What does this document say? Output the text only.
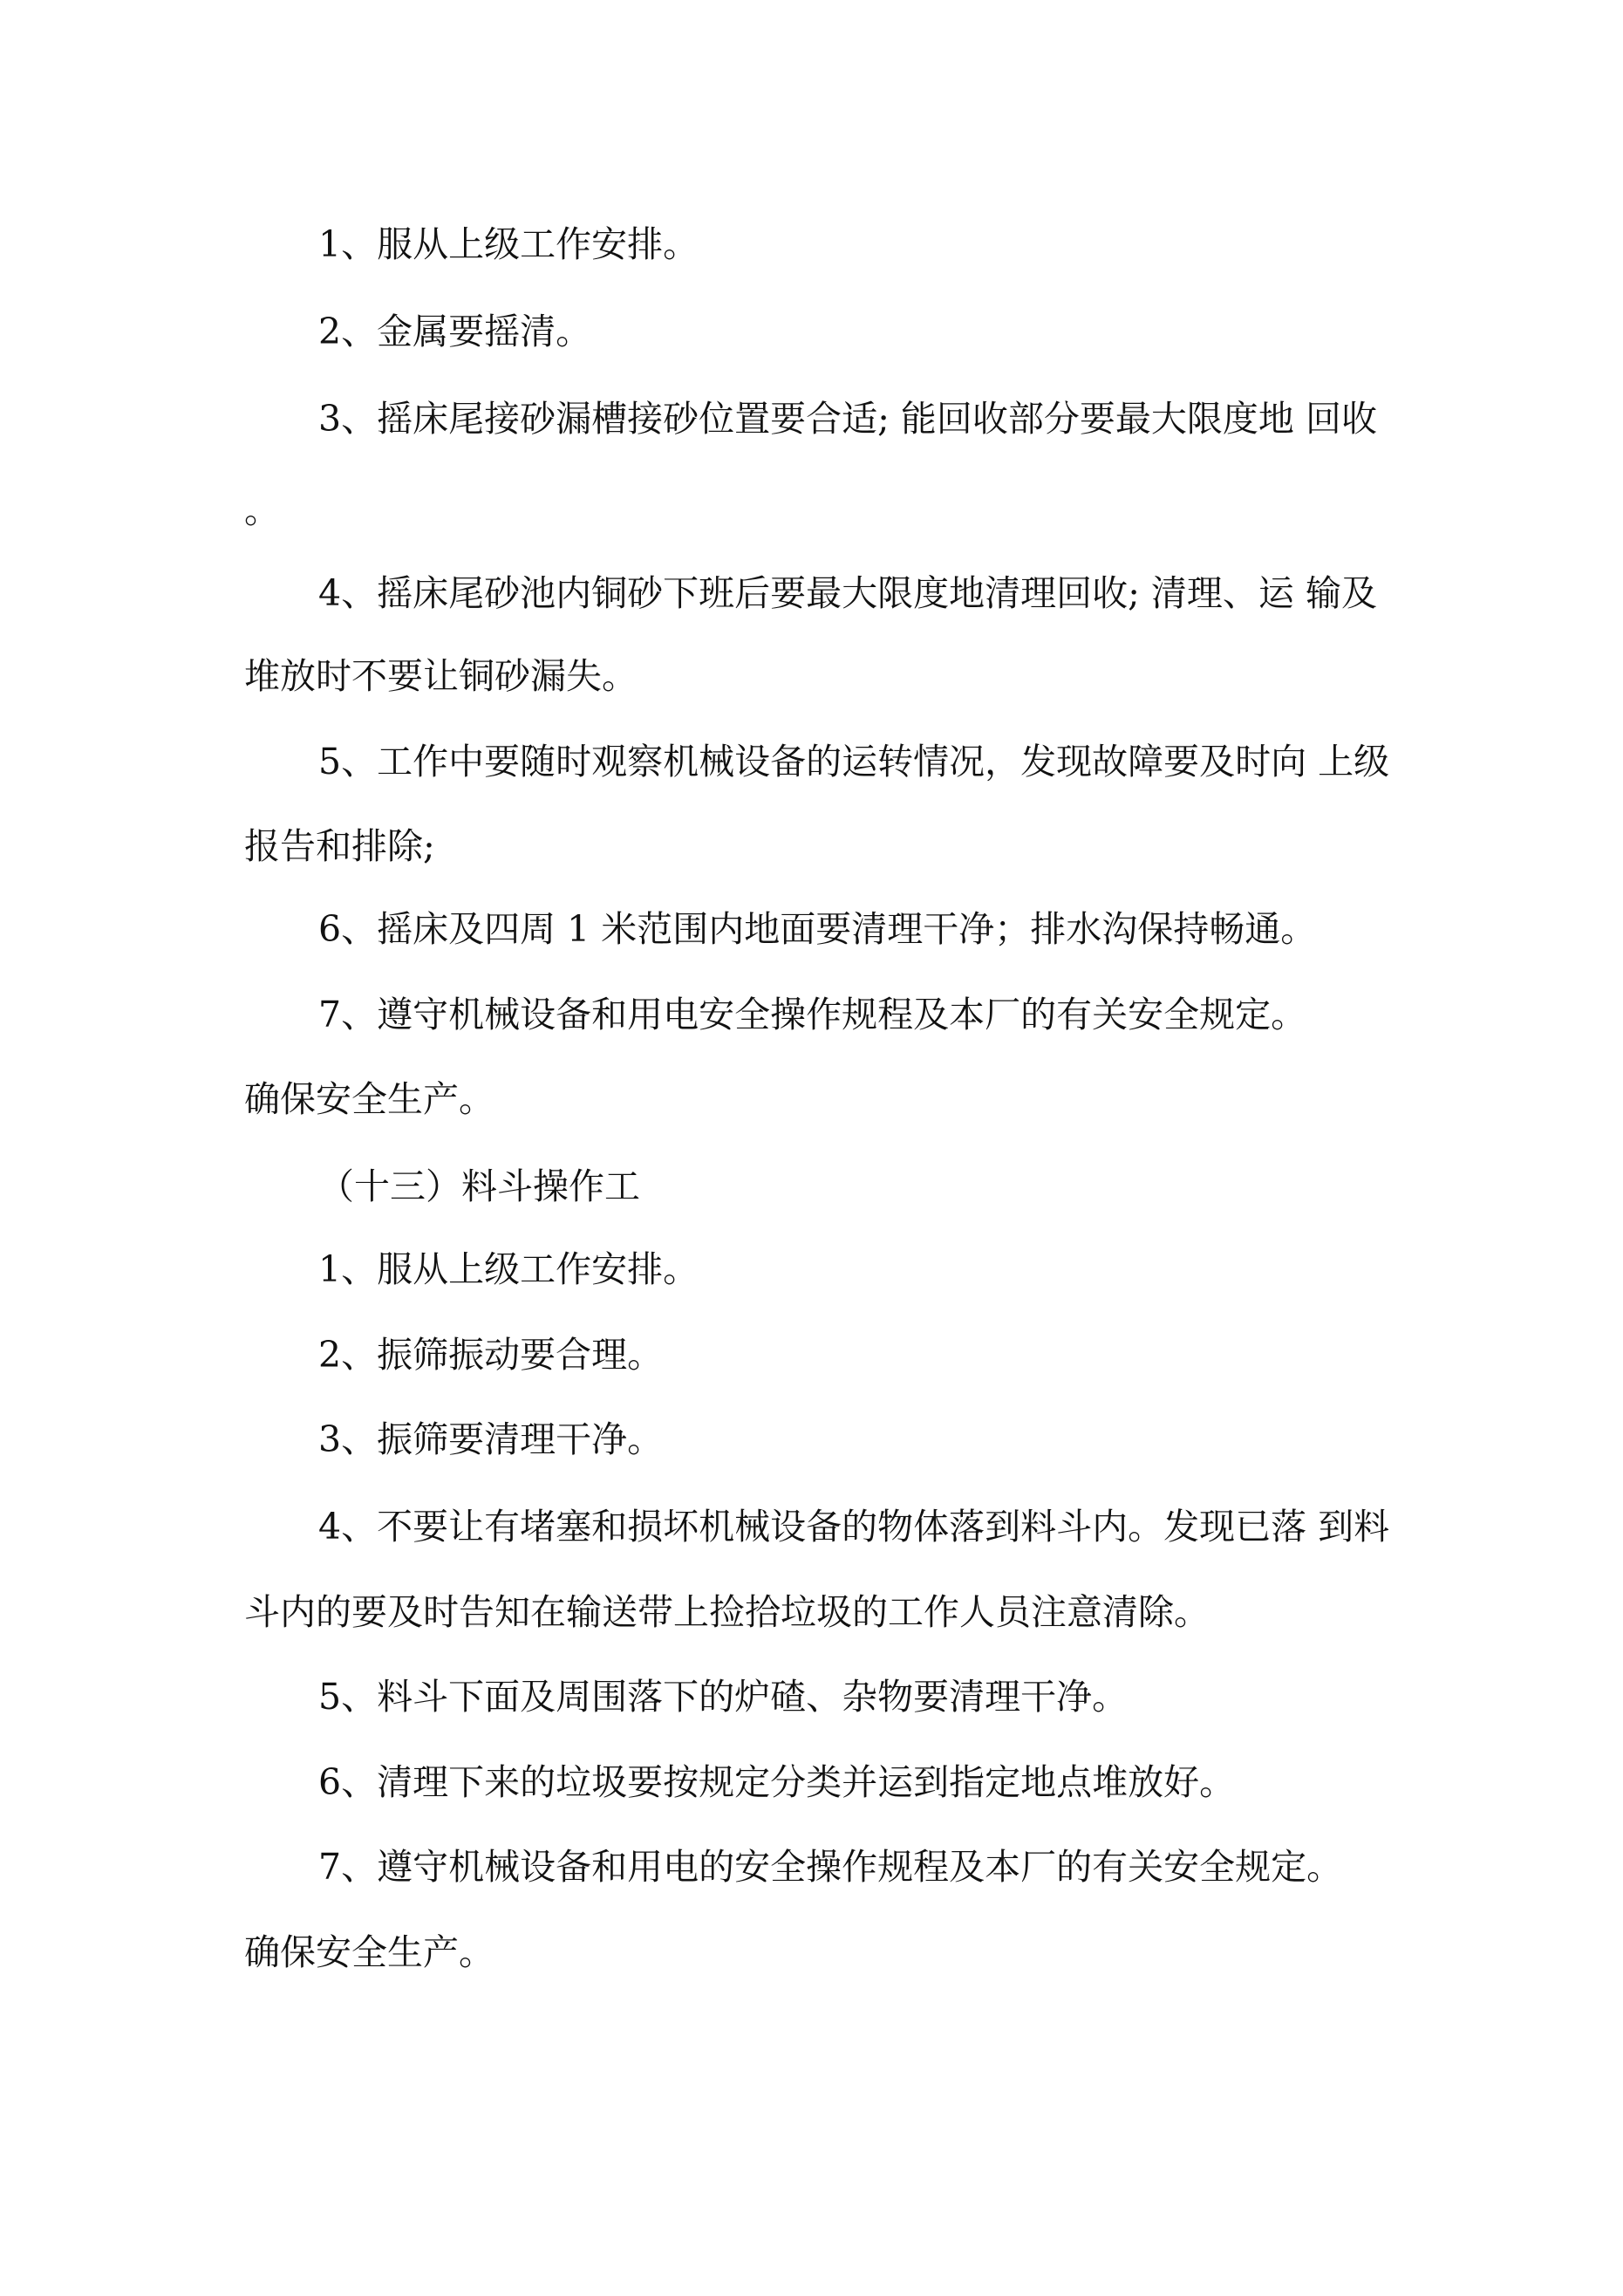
1、服从上级工作安排。
2、金属要摇清。
3、摇床尾接砂漏槽接砂位置要合适; 能回收部分要最大限度地 回收
。
4、摇床尾砂池内铜砂下班后要最大限度地清理回收; 清理、运 输及
堆放时不要让铜砂漏失。
5、工作中要随时观察机械设备的运转情况，发现故障要及时向 上级
报告和排除;
6、摇床及四周 1 米范围内地面要清理干净；排水沟保持畅通。
7、遵守机械设备和用电安全操作规程及本厂的有关安全规定。
确保安全生产。
（十三）料斗操作工
1、服从上级工作安排。
2、振筛振动要合理。
3、振筛要清理干净。
4、不要让有堵塞和损坏机械设备的物体落到料斗内。发现已落 到料
斗内的要及时告知在输送带上捡拾垃圾的工作人员注意清除。
5、料斗下面及周围落下的炉碴、杂物要清理干净。
6、清理下来的垃圾要按规定分类并运到指定地点堆放好。
7、遵守机械设备和用电的安全操作规程及本厂的有关安全规定。
确保安全生产。
